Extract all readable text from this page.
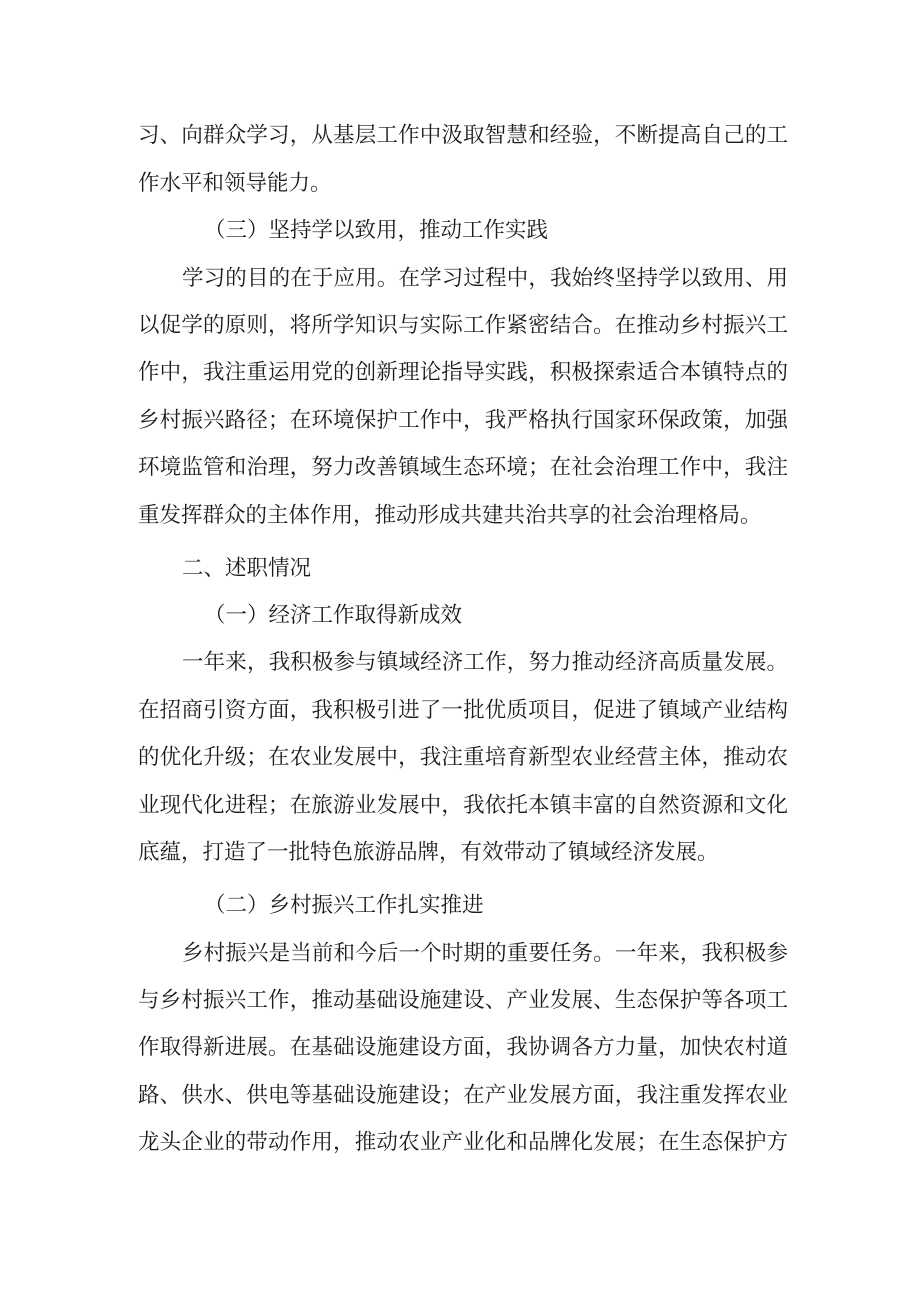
习、向群众学习，从基层工作中汲取智慧和经验，不断提高自己的工
作水平和领导能力。
（三）坚持学以致用，推动工作实践
学习的目的在于应用。在学习过程中，我始终坚持学以致用、用
以促学的原则，将所学知识与实际工作紧密结合。在推动乡村振兴工
作中，我注重运用党的创新理论指导实践，积极探索适合本镇特点的
乡村振兴路径；在环境保护工作中，我严格执行国家环保政策，加强
环境监管和治理，努力改善镇域生态环境；在社会治理工作中，我注
重发挥群众的主体作用，推动形成共建共治共享的社会治理格局。
二、述职情况
（一）经济工作取得新成效
一年来，我积极参与镇域经济工作，努力推动经济高质量发展。
在招商引资方面，我积极引进了一批优质项目，促进了镇域产业结构
的优化升级；在农业发展中，我注重培育新型农业经营主体，推动农
业现代化进程；在旅游业发展中，我依托本镇丰富的自然资源和文化
底蕴，打造了一批特色旅游品牌，有效带动了镇域经济发展。
（二）乡村振兴工作扎实推进
乡村振兴是当前和今后一个时期的重要任务。一年来，我积极参
与乡村振兴工作，推动基础设施建设、产业发展、生态保护等各项工
作取得新进展。在基础设施建设方面，我协调各方力量，加快农村道
路、供水、供电等基础设施建设；在产业发展方面，我注重发挥农业
龙头企业的带动作用，推动农业产业化和品牌化发展；在生态保护方
